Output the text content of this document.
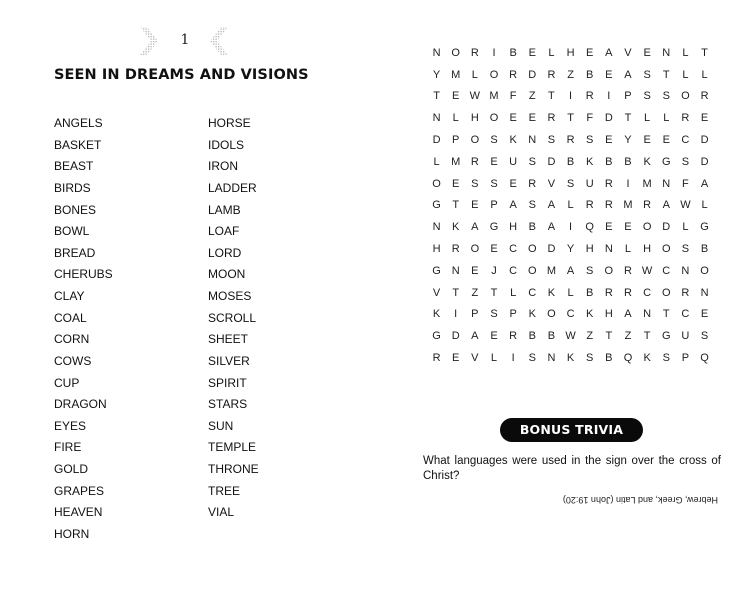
1
SEEN IN DREAMS AND VISIONS
ANGELS
BASKET
BEAST
BIRDS
BONES
BOWL
BREAD
CHERUBS
CLAY
COAL
CORN
COWS
CUP
DRAGON
EYES
FIRE
GOLD
GRAPES
HEAVEN
HORN
HORSE
IDOLS
IRON
LADDER
LAMB
LOAF
LORD
MOON
MOSES
SCROLL
SHEET
SILVER
SPIRIT
STARS
SUN
TEMPLE
THRONE
TREE
VIAL
N O R	I	B	E	L	H	E	A	V	E	N	L	T
Y M	L	O R	D	R	Z	B	E	A	S	T	L	L
T	E W M	F	Z	T	I	R	I	P	S	S	O R
N	L	H O	E	E	R	T	F	D	T	L	L	R	E
D	P	O	S	K	N	S	R	S	E	Y	E	E	C	D
L	M R	E	U	S	D	B	K	B	B	K	G	S	D
O	E	S	S	E	R	V	S	U	R	I	M N	F	A
G	T	E	P	A	S	A	L	R	R M R	A W L
N	K	A	G H	B	A	I	Q	E	E	O D	L	G
H	R O	E	C O D	Y	H	N	L	H O	S	B
G N	E	J	C O M A	S	O R W C	N O
V	T	Z	T	L	C	K	L	B	R	R	C O R	N
K	I	P	S	P	K	O C	K	H	A	N	T	C	E
G D	A	E	R	B	B W Z	T	Z	T	G U	S
R	E	V	L	I	S	N	K	S	B	Q	K	S	P	Q
BONUS TRIVIA

What languages were used in the sign over the cross of Christ?

Hebrew, Greek, and Latin (John 19:20)
